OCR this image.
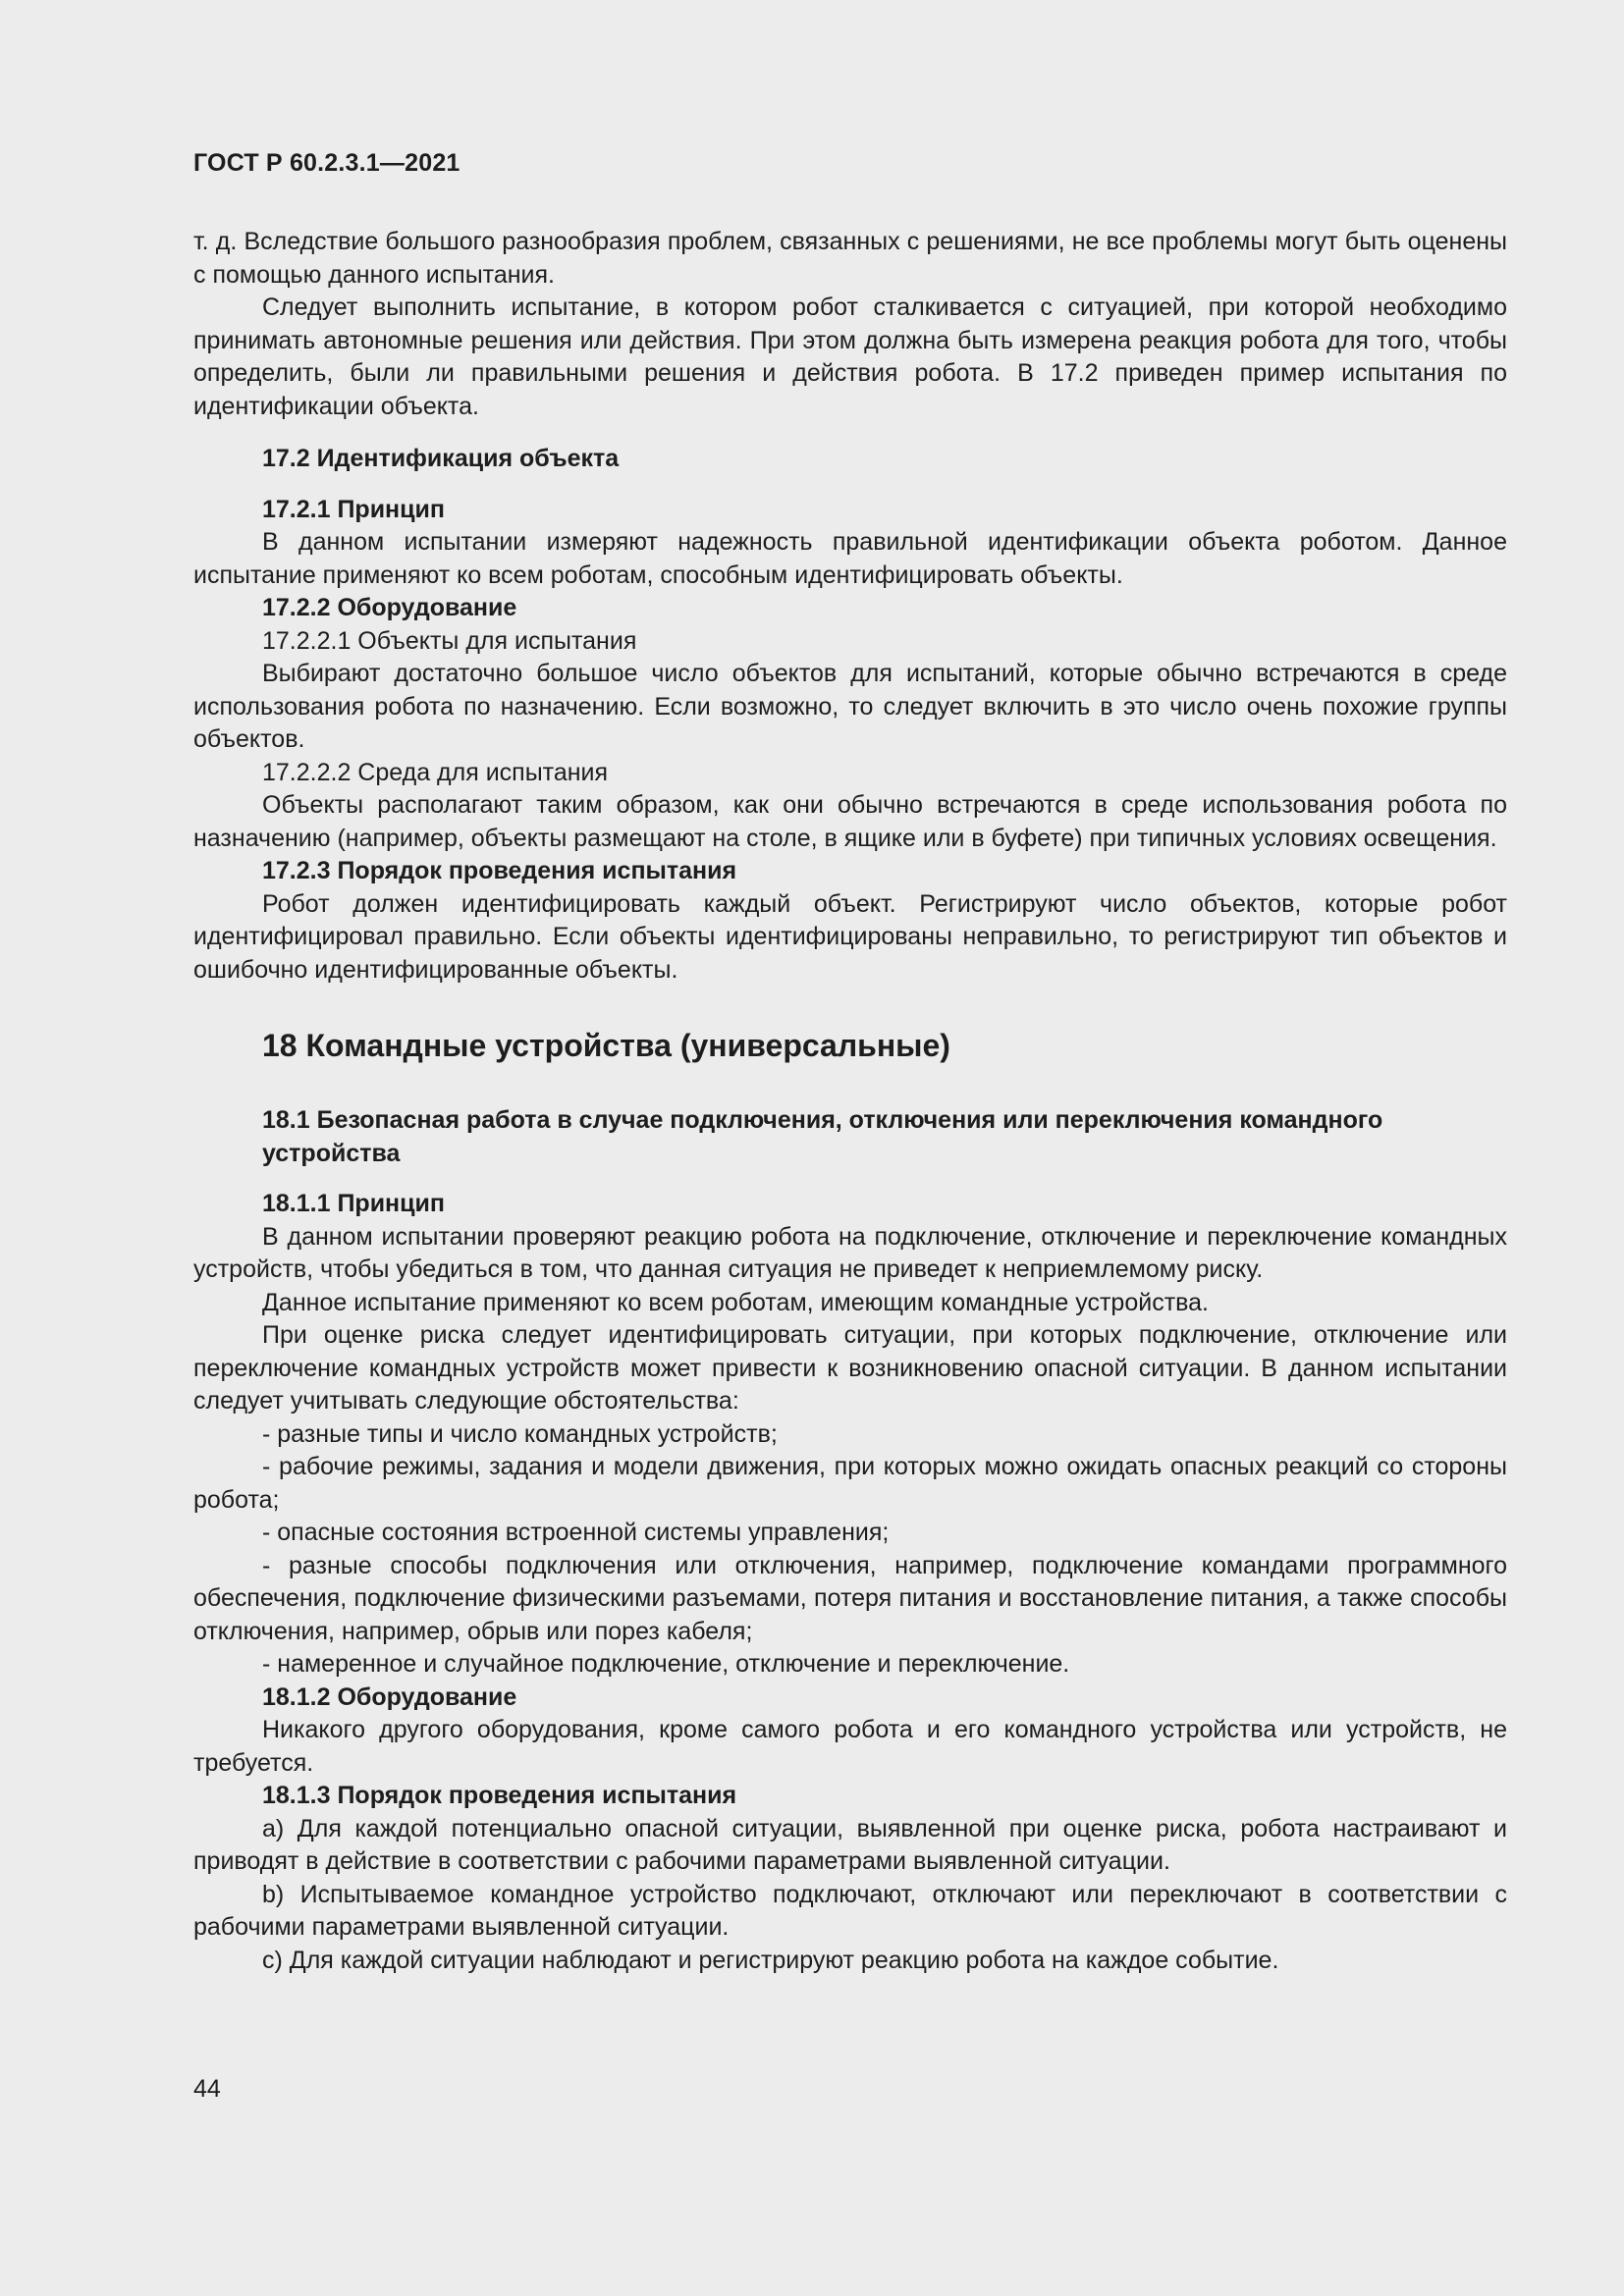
ГОСТ Р 60.2.3.1—2021
т. д. Вследствие большого разнообразия проблем, связанных с решениями, не все проблемы могут быть оценены с помощью данного испытания.
Следует выполнить испытание, в котором робот сталкивается с ситуацией, при которой необходимо принимать автономные решения или действия. При этом должна быть измерена реакция робота для того, чтобы определить, были ли правильными решения и действия робота. В 17.2 приведен пример испытания по идентификации объекта.
17.2 Идентификация объекта
17.2.1 Принцип
В данном испытании измеряют надежность правильной идентификации объекта роботом. Данное испытание применяют ко всем роботам, способным идентифицировать объекты.
17.2.2 Оборудование
17.2.2.1 Объекты для испытания
Выбирают достаточно большое число объектов для испытаний, которые обычно встречаются в среде использования робота по назначению. Если возможно, то следует включить в это число очень похожие группы объектов.
17.2.2.2 Среда для испытания
Объекты располагают таким образом, как они обычно встречаются в среде использования робота по назначению (например, объекты размещают на столе, в ящике или в буфете) при типичных условиях освещения.
17.2.3 Порядок проведения испытания
Робот должен идентифицировать каждый объект. Регистрируют число объектов, которые робот идентифицировал правильно. Если объекты идентифицированы неправильно, то регистрируют тип объектов и ошибочно идентифицированные объекты.
18 Командные устройства (универсальные)
18.1 Безопасная работа в случае подключения, отключения или переключения командного устройства
18.1.1 Принцип
В данном испытании проверяют реакцию робота на подключение, отключение и переключение командных устройств, чтобы убедиться в том, что данная ситуация не приведет к неприемлемому риску.
Данное испытание применяют ко всем роботам, имеющим командные устройства.
При оценке риска следует идентифицировать ситуации, при которых подключение, отключение или переключение командных устройств может привести к возникновению опасной ситуации. В данном испытании следует учитывать следующие обстоятельства:
- разные типы и число командных устройств;
- рабочие режимы, задания и модели движения, при которых можно ожидать опасных реакций со стороны робота;
- опасные состояния встроенной системы управления;
- разные способы подключения или отключения, например, подключение командами программного обеспечения, подключение физическими разъемами, потеря питания и восстановление питания, а также способы отключения, например, обрыв или порез кабеля;
- намеренное и случайное подключение, отключение и переключение.
18.1.2 Оборудование
Никакого другого оборудования, кроме самого робота и его командного устройства или устройств, не требуется.
18.1.3 Порядок проведения испытания
a) Для каждой потенциально опасной ситуации, выявленной при оценке риска, робота настраивают и приводят в действие в соответствии с рабочими параметрами выявленной ситуации.
b) Испытываемое командное устройство подключают, отключают или переключают в соответствии с рабочими параметрами выявленной ситуации.
c) Для каждой ситуации наблюдают и регистрируют реакцию робота на каждое событие.
44
